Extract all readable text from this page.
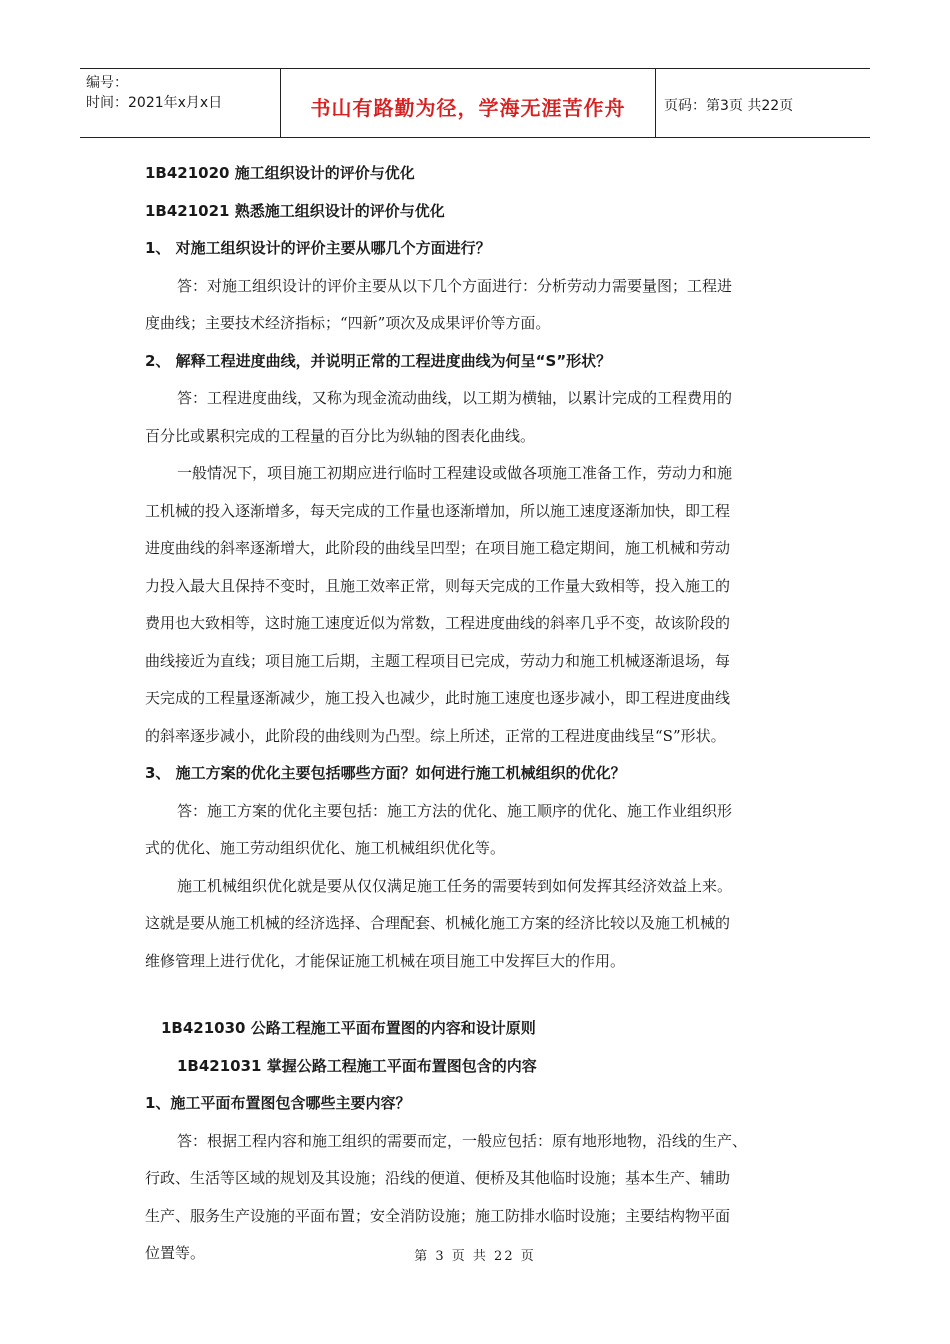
编号：
时间：2021年x月x日	书山有路勤为径，学海无涯苦作舟	页码：第3页 共22页
1B421020 施工组织设计的评价与优化
1B421021 熟悉施工组织设计的评价与优化
1、 对施工组织设计的评价主要从哪几个方面进行？
答：对施工组织设计的评价主要从以下几个方面进行：分析劳动力需要量图；工程进
度曲线；主要技术经济指标；“四新”项次及成果评价等方面。
2、 解释工程进度曲线，并说明正常的工程进度曲线为何呈“S”形状？
答：工程进度曲线，又称为现金流动曲线，以工期为横轴，以累计完成的工程费用的
百分比或累积完成的工程量的百分比为纵轴的图表化曲线。
一般情况下，项目施工初期应进行临时工程建设或做各项施工准备工作，劳动力和施
工机械的投入逐渐增多，每天完成的工作量也逐渐增加，所以施工速度逐渐加快，即工程
进度曲线的斜率逐渐增大，此阶段的曲线呈凹型；在项目施工稳定期间，施工机械和劳动
力投入最大且保持不变时，且施工效率正常，则每天完成的工作量大致相等，投入施工的
费用也大致相等，这时施工速度近似为常数，工程进度曲线的斜率几乎不变，故该阶段的
曲线接近为直线；项目施工后期，主题工程项目已完成，劳动力和施工机械逐渐退场，每
天完成的工程量逐渐减少，施工投入也减少，此时施工速度也逐步减小，即工程进度曲线
的斜率逐步减小，此阶段的曲线则为凸型。综上所述，正常的工程进度曲线呈“S”形状。
3、 施工方案的优化主要包括哪些方面？如何进行施工机械组织的优化？
答：施工方案的优化主要包括：施工方法的优化、施工顺序的优化、施工作业组织形
式的优化、施工劳动组织优化、施工机械组织优化等。
施工机械组织优化就是要从仅仅满足施工任务的需要转到如何发挥其经济效益上来。
这就是要从施工机械的经济选择、合理配套、机械化施工方案的经济比较以及施工机械的
维修管理上进行优化，才能保证施工机械在项目施工中发挥巨大的作用。
1B421030 公路工程施工平面布置图的内容和设计原则
1B421031 掌握公路工程施工平面布置图包含的内容
1、施工平面布置图包含哪些主要内容？
答：根据工程内容和施工组织的需要而定，一般应包括：原有地形地物，沿线的生产、
行政、生活等区域的规划及其设施；沿线的便道、便桥及其他临时设施；基本生产、辅助
生产、服务生产设施的平面布置；安全消防设施；施工防排水临时设施；主要结构物平面
位置等。	第 3 页 共 22 页
